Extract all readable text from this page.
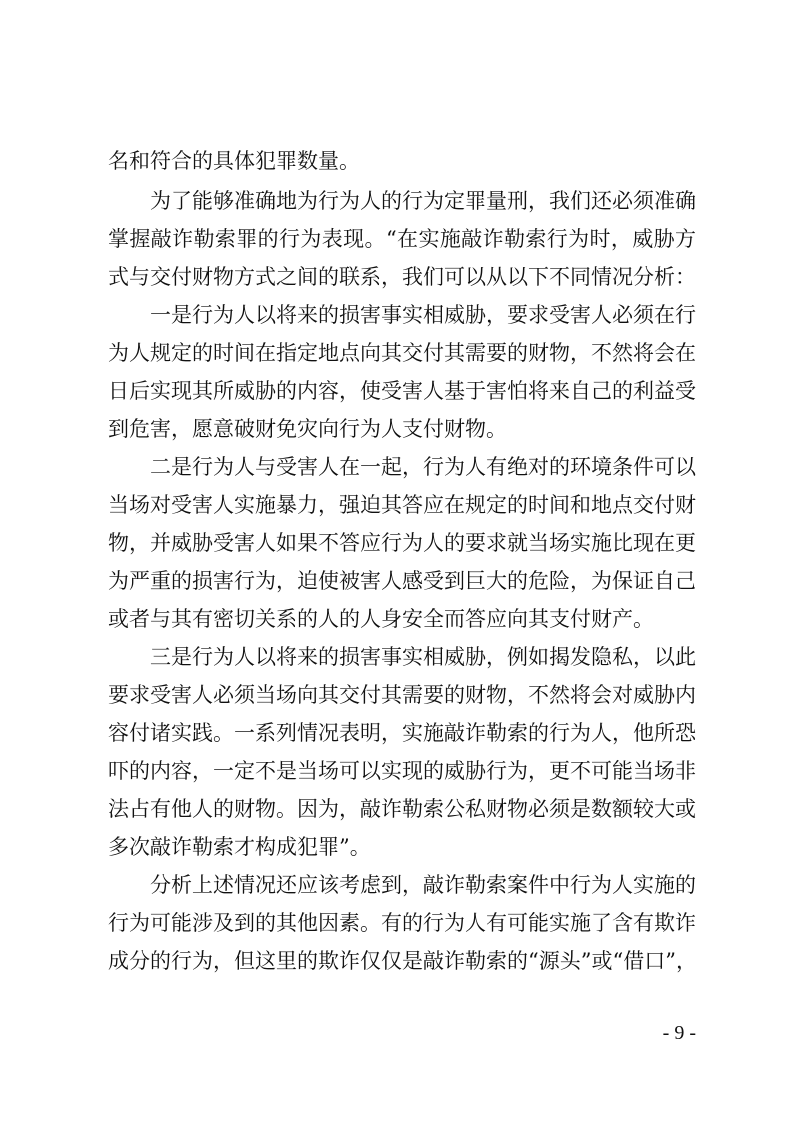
名和符合的具体犯罪数量。
为了能够准确地为行为人的行为定罪量刑，我们还必须准确
掌握敲诈勒索罪的行为表现。“在实施敲诈勒索行为时，威胁方
式与交付财物方式之间的联系，我们可以从以下不同情况分析：
一是行为人以将来的损害事实相威胁，要求受害人必须在行
为人规定的时间在指定地点向其交付其需要的财物，不然将会在
日后实现其所威胁的内容，使受害人基于害怕将来自己的利益受
到危害，愿意破财免灾向行为人支付财物。
二是行为人与受害人在一起，行为人有绝对的环境条件可以
当场对受害人实施暴力，强迫其答应在规定的时间和地点交付财
物，并威胁受害人如果不答应行为人的要求就当场实施比现在更
为严重的损害行为，迫使被害人感受到巨大的危险，为保证自己
或者与其有密切关系的人的人身安全而答应向其支付财产。
三是行为人以将来的损害事实相威胁，例如揭发隐私，以此
要求受害人必须当场向其交付其需要的财物，不然将会对威胁内
容付诸实践。一系列情况表明，实施敲诈勒索的行为人，他所恐
吓的内容，一定不是当场可以实现的威胁行为，更不可能当场非
法占有他人的财物。因为，敲诈勒索公私财物必须是数额较大或
多次敲诈勒索才构成犯罪”。
分析上述情况还应该考虑到，敲诈勒索案件中行为人实施的
行为可能涉及到的其他因素。有的行为人有可能实施了含有欺诈
成分的行为，但这里的欺诈仅仅是敲诈勒索的“源头”或“借口”，
- 9 -
